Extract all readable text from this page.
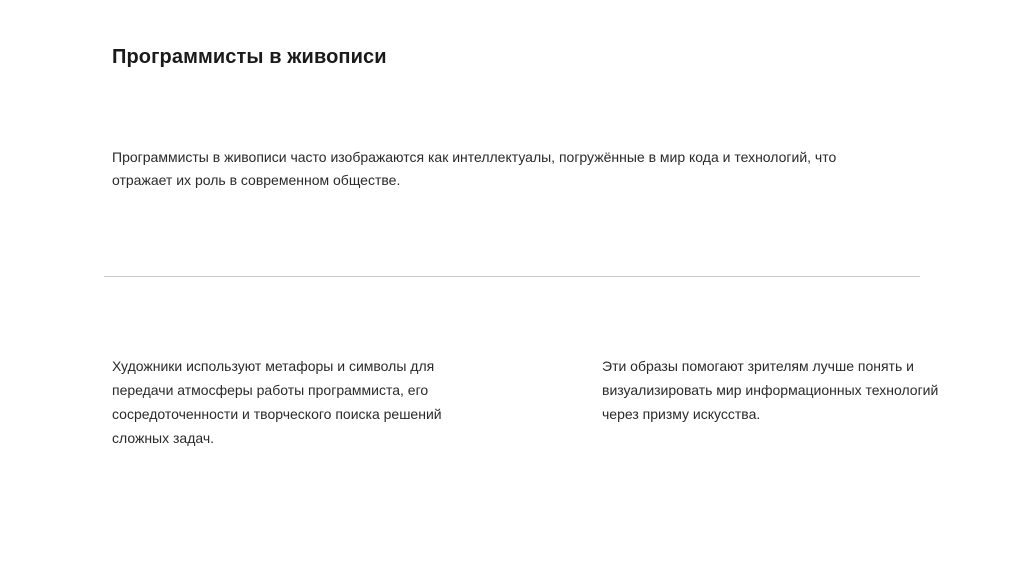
Программисты в живописи
Программисты в живописи часто изображаются как интеллектуалы, погружённые в мир кода и технологий, что отражает их роль в современном обществе.
Художники используют метафоры и символы для передачи атмосферы работы программиста, его сосредоточенности и творческого поиска решений сложных задач.
Эти образы помогают зрителям лучше понять и визуализировать мир информационных технологий через призму искусства.
